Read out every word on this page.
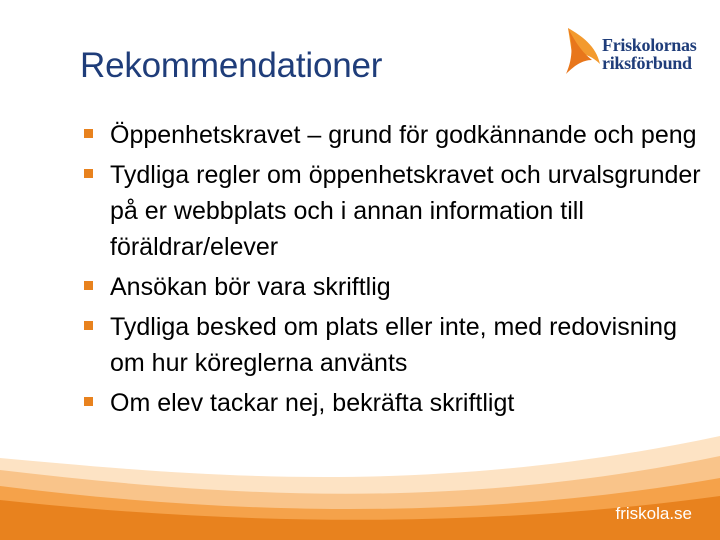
Rekommendationer
Friskolornas
riksförbund
Öppenhetskravet – grund för godkännande och peng
Tydliga regler om öppenhetskravet och urvalsgrunder på er webbplats och i annan information till föräldrar/elever
Ansökan bör vara skriftlig
Tydliga besked om plats eller inte, med redovisning om hur köreglerna använts
Om elev tackar nej, bekräfta skriftligt
friskola.se
